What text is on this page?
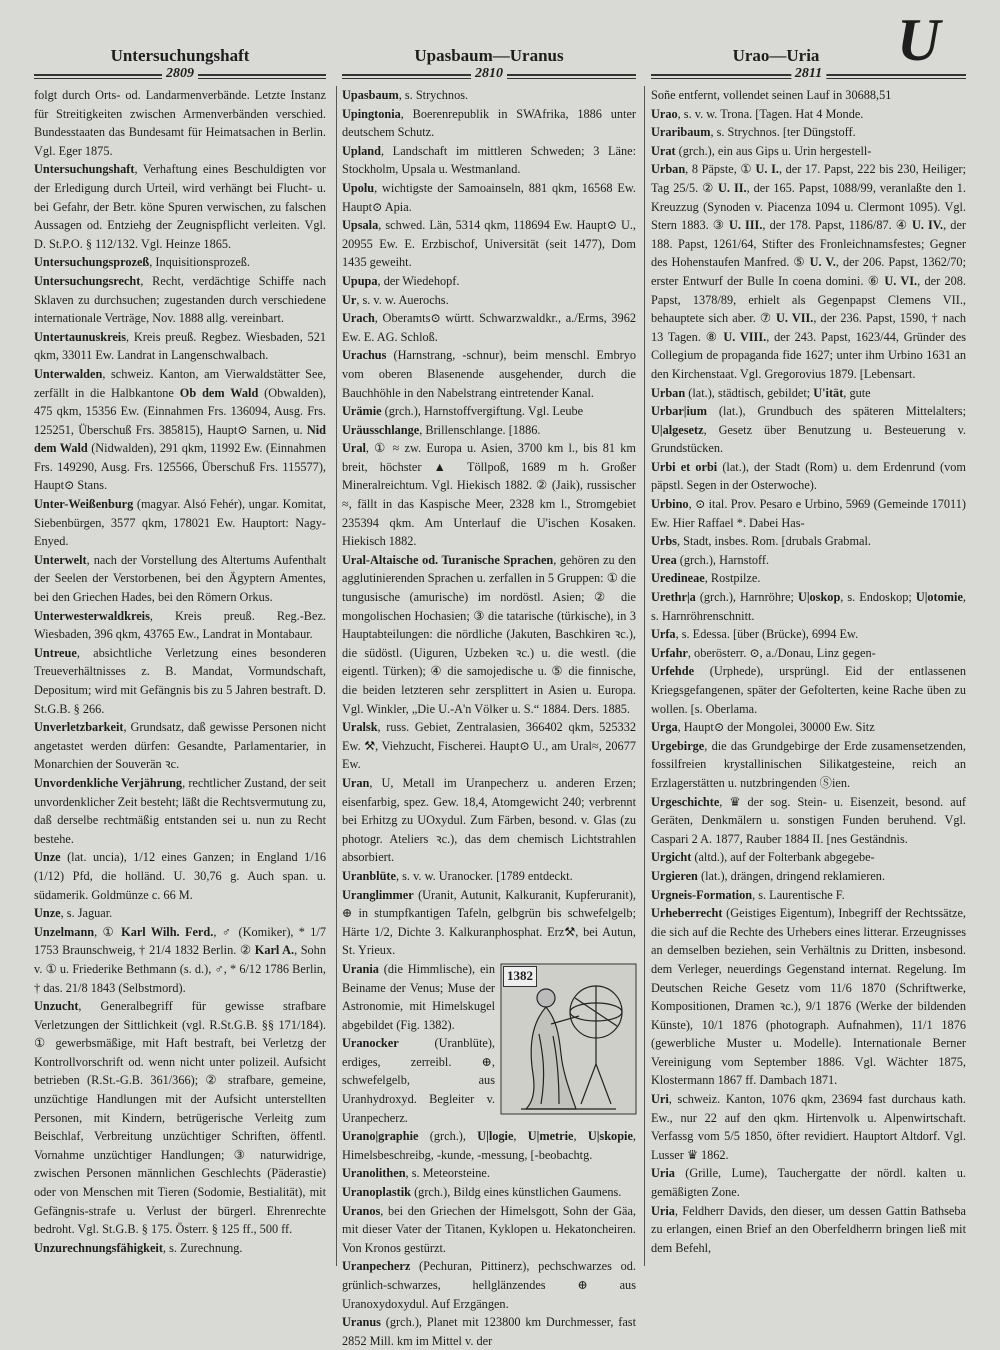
U
Untersuchungshaft	Upasbaum—Uranus	Urao—Uria
2809	2810	2811

folgt durch Orts- od. Landarmenverbände. Letzte Instanz für Streitigkeiten zwischen Armenverbänden verschied. Bundesstaaten das Bundesamt für Heimatsachen in Berlin. Vgl. Eger 1875.

Untersuchungshaft, Verhaftung eines Beschuldigten vor der Erledigung durch Urteil, wird verhängt bei Flucht- u. bei Gefahr, der Betr. köne Spuren verwischen, zu falschen Aussagen od. Entziehg der Zeugnispflicht verleiten. Vgl. D. St.P.O. § 112/132. Vgl. Heinze 1865.

Untersuchungsprozeß, Inquisitionsprozeß.

Untersuchungsrecht, Recht, verdächtige Schiffe nach Sklaven zu durchsuchen; zugestanden durch verschiedene internationale Verträge, Nov. 1888 allg. vereinbart.

Untertaunuskreis, Kreis preuß. Regbez. Wiesbaden, 521 qkm, 33011 Ew. Landrat in Langenschwalbach.

Unterwalden, schweiz. Kanton, am Vierwaldstätter See, zerfällt in die Halbkantone Ob dem Wald (Obwalden), 475 qkm, 15356 Ew. (Einnahmen Frs. 136094, Ausg. Frs. 125251, Überschuß Frs. 385815), Haupt⊙ Sarnen, u. Nid dem Wald (Nidwalden), 291 qkm, 11992 Ew. (Einnahmen Frs. 149290, Ausg. Frs. 125566, Überschuß Frs. 115577), Haupt⊙ Stans.

Unter-Weißenburg (magyar. Alsó Fehér), ungar. Komitat, Siebenbürgen, 3577 qkm, 178021 Ew. Hauptort: Nagy-Enyed.

Unterwelt, nach der Vorstellung des Altertums Aufenthalt der Seelen der Verstorbenen, bei den Ägyptern Amentes, bei den Griechen Hades, bei den Römern Orkus.

Unterwesterwaldkreis, Kreis preuß. Reg.-Bez. Wiesbaden, 396 qkm, 43765 Ew., Landrat in Montabaur.

Untreue, absichtliche Verletzung eines besonderen Treueverhältnisses z. B. Mandat, Vormundschaft, Depositum; wird mit Gefängnis bis zu 5 Jahren bestraft. D. St.G.B. § 266.

Unverletzbarkeit, Grundsatz, daß gewisse Personen nicht angetastet werden dürfen: Gesandte, Parlamentarier, in Monarchien der Souverän ꝛc.

Unvordenkliche Verjährung, rechtlicher Zustand, der seit unvordenklicher Zeit besteht; läßt die Rechtsvermutung zu, daß derselbe rechtmäßig entstanden sei u. nun zu Recht bestehe.

Unze (lat. uncia), 1/12 eines Ganzen; in England 1/16 (1/12) Pfd, die holländ. U. 30,76 g. Auch span. u. südamerik. Goldmünze c. 66 M.

Unze, s. Jaguar.

Unzelmann, ① Karl Wilh. Ferd., ♂ (Komiker), * 1/7 1753 Braunschweig, † 21/4 1832 Berlin. ② Karl A., Sohn v. ① u. Friederike Bethmann (s. d.), ♂, * 6/12 1786 Berlin, † das. 21/8 1843 (Selbstmord).

Unzucht, Generalbegriff für gewisse strafbare Verletzungen der Sittlichkeit (vgl. R.St.G.B. §§ 171/184). ① gewerbsmäßige, mit Haft bestraft, bei Verletzg der Kontrollvorschrift od. wenn nicht unter polizeil. Aufsicht betrieben (R.St.-G.B. 361/366); ② strafbare, gemeine, unzüchtige Handlungen mit der Aufsicht unterstellten Personen, mit Kindern, betrügerische Verleitg zum Beischlaf, Verbreitung unzüchtiger Schriften, öffentl. Vornahme unzüchtiger Handlungen; ③ naturwidrige, zwischen Personen männlichen Geschlechts (Päderastie) oder von Menschen mit Tieren (Sodomie, Bestialität), mit Gefängnis-strafe u. Verlust der bürgerl. Ehrenrechte bedroht. Vgl. St.G.B. § 175. Österr. § 125 ff., 500 ff.

Unzurechnungsfähigkeit, s. Zurechnung.

Upasbaum, s. Strychnos.

Upingtonia, Boerenrepublik in SWAfrika, 1886 unter deutschem Schutz.

Upland, Landschaft im mittleren Schweden; 3 Läne: Stockholm, Upsala u. Westmanland.

Upolu, wichtigste der Samoainseln, 881 qkm, 16568 Ew. Haupt⊙ Apia.

Upsala, schwed. Län, 5314 qkm, 118694 Ew. Haupt⊙ U., 20955 Ew. E. Erzbischof, Universität (seit 1477), Dom 1435 geweiht.

Upupa, der Wiedehopf.

Ur, s. v. w. Auerochs.

Urach, Oberamts⊙ württ. Schwarzwaldkr., a./Erms, 3962 Ew. E. AG. Schloß.

Urachus (Harnstrang, -schnur), beim menschl. Embryo vom oberen Blasenende ausgehender, durch die Bauchhöhle in den Nabelstrang eintretender Kanal.

Urämie (grch.), Harnstoffvergiftung. Vgl. Leube

Uräusschlange, Brillenschlange. [1886.

Ural, ① ≈ zw. Europa u. Asien, 3700 km l., bis 81 km breit, höchster ▲ Töllpoß, 1689 m h. Großer Mineralreichtum. Vgl. Hiekisch 1882. ② (Jaik), russischer ≈, fällt in das Kaspische Meer, 2328 km l., Stromgebiet 235394 qkm. Am Unterlauf die U'ischen Kosaken. Hiekisch 1882.

Ural-Altaische od. Turanische Sprachen, gehören zu den agglutinierenden Sprachen u. zerfallen in 5 Gruppen: ① die tungusische (amurische) im nordöstl. Asien; ② die mongolischen Hochasien; ③ die tatarische (türkische), in 3 Hauptabteilungen: die nördliche (Jakuten, Baschkiren ꝛc.), die südöstl. (Uiguren, Uzbeken ꝛc.) u. die westl. (die eigentl. Türken); ④ die samojedische u. ⑤ die finnische, die beiden letzteren sehr zersplittert in Asien u. Europa. Vgl. Winkler, „Die U.-A'n Völker u. S.“ 1884. Ders. 1885.

Uralsk, russ. Gebiet, Zentralasien, 366402 qkm, 525332 Ew. ⚒, Viehzucht, Fischerei. Haupt⊙ U., am Ural≈, 20677 Ew.

Uran, U, Metall im Uranpecherz u. anderen Erzen; eisenfarbig, spez. Gew. 18,4, Atomgewicht 240; verbrennt bei Erhitzg zu UOxydul. Zum Färben, besond. v. Glas (zu photogr. Ateliers ꝛc.), das dem chemisch Lichtstrahlen absorbiert.

Uranblüte, s. v. w. Uranocker. [1789 entdeckt.

Uranglimmer (Uranit, Autunit, Kalkuranit, Kupferuranit), ⊕ in stumpfkantigen Tafeln, gelbgrün bis schwefelgelb; Härte 1/2, Dichte 3. Kalkuranphosphat. Erz⚒, bei Autun, St. Yrieux.

1382

Urania (die Himmlische), ein Beiname der Venus; Muse der Astronomie, mit Himelskugel abgebildet (Fig. 1382).

Uranocker (Uranblüte), erdiges, zerreibl. ⊕, schwefelgelb, aus Uranhydroxyd. Begleiter v. Uranpecherz.

Urano|graphie (grch.), U|logie, U|metrie, U|skopie, Himelsbeschreibg, -kunde, -messung, [-beobachtg.

Uranolithen, s. Meteorsteine.

Uranoplastik (grch.), Bildg eines künstlichen Gaumens.

Uranos, bei den Griechen der Himelsgott, Sohn der Gäa, mit dieser Vater der Titanen, Kyklopen u. Hekatoncheiren. Von Kronos gestürzt.

Uranpecherz (Pechuran, Pittinerz), pechschwarzes od. grünlich-schwarzes, hellglänzendes ⊕ aus Uranoxydoxydul. Auf Erzgängen.

Uranus (grch.), Planet mit 123800 km Durchmesser, fast 2852 Mill. km im Mittel v. der

Soñe entfernt, vollendet seinen Lauf in 30688,51

Urao, s. v. w. Trona. [Tagen. Hat 4 Monde.

Uraribaum, s. Strychnos. [ter Düngstoff.

Urat (grch.), ein aus Gips u. Urin hergestell-

Urban, 8 Päpste, ① U. I., der 17. Papst, 222 bis 230, Heiliger; Tag 25/5. ② U. II., der 165. Papst, 1088/99, veranlaßte den 1. Kreuzzug (Synoden v. Piacenza 1094 u. Clermont 1095). Vgl. Stern 1883. ③ U. III., der 178. Papst, 1186/87. ④ U. IV., der 188. Papst, 1261/64, Stifter des Fronleichnamsfestes; Gegner des Hohenstaufen Manfred. ⑤ U. V., der 206. Papst, 1362/70; erster Entwurf der Bulle In coena domini. ⑥ U. VI., der 208. Papst, 1378/89, erhielt als Gegenpapst Clemens VII., behauptete sich aber. ⑦ U. VII., der 236. Papst, 1590, † nach 13 Tagen. ⑧ U. VIII., der 243. Papst, 1623/44, Gründer des Collegium de propaganda fide 1627; unter ihm Urbino 1631 an den Kirchenstaat. Vgl. Gregorovius 1879. [Lebensart.

Urban (lat.), städtisch, gebildet; U'ität, gute

Urbar|ium (lat.), Grundbuch des späteren Mittelalters; U|algesetz, Gesetz über Benutzung u. Besteuerung v. Grundstücken.

Urbi et orbi (lat.), der Stadt (Rom) u. dem Erdenrund (vom päpstl. Segen in der Osterwoche).

Urbino, ⊙ ital. Prov. Pesaro e Urbino, 5969 (Gemeinde 17011) Ew. Hier Raffael *. Dabei Has-

Urbs, Stadt, insbes. Rom. [drubals Grabmal.

Urea (grch.), Harnstoff.

Uredineae, Rostpilze.

Urethr|a (grch.), Harnröhre; U|oskop, s. Endoskop; U|otomie, s. Harnröhrenschnitt.

Urfa, s. Edessa. [über (Brücke), 6994 Ew.

Urfahr, oberösterr. ⊙, a./Donau, Linz gegen-

Urfehde (Urphede), ursprüngl. Eid der entlassenen Kriegsgefangenen, später der Gefolterten, keine Rache üben zu wollen. [s. Oberlama.

Urga, Haupt⊙ der Mongolei, 30000 Ew. Sitz

Urgebirge, die das Grundgebirge der Erde zusamensetzenden, fossilfreien krystallinischen Silikatgesteine, reich an Erzlagerstätten u. nutzbringenden Ⓢien.

Urgeschichte, ♛ der sog. Stein- u. Eisenzeit, besond. auf Geräten, Denkmälern u. sonstigen Funden beruhend. Vgl. Caspari 2 A. 1877, Rauber 1884 II. [nes Geständnis.

Urgicht (altd.), auf der Folterbank abgegebe-

Urgieren (lat.), drängen, dringend reklamieren.

Urgneis-Formation, s. Laurentische F.

Urheberrecht (Geistiges Eigentum), Inbegriff der Rechtssätze, die sich auf die Rechte des Urhebers eines litterar. Erzeugnisses an demselben beziehen, sein Verhältnis zu Dritten, insbesond. dem Verleger, neuerdings Gegenstand internat. Regelung. Im Deutschen Reiche Gesetz vom 11/6 1870 (Schriftwerke, Kompositionen, Dramen ꝛc.), 9/1 1876 (Werke der bildenden Künste), 10/1 1876 (photograph. Aufnahmen), 11/1 1876 (gewerbliche Muster u. Modelle). Internationale Berner Vereinigung vom September 1886. Vgl. Wächter 1875, Klostermann 1867 ff. Dambach 1871.

Uri, schweiz. Kanton, 1076 qkm, 23694 fast durchaus kath. Ew., nur 22 auf den qkm. Hirtenvolk u. Alpenwirtschaft. Verfassg vom 5/5 1850, öfter revidiert. Hauptort Altdorf. Vgl. Lusser ♛ 1862.

Uria (Grille, Lume), Tauchergatte der nördl. kalten u. gemäßigten Zone.

Uria, Feldherr Davids, den dieser, um dessen Gattin Bathseba zu erlangen, einen Brief an den Oberfeldherrn bringen ließ mit dem Befehl,
